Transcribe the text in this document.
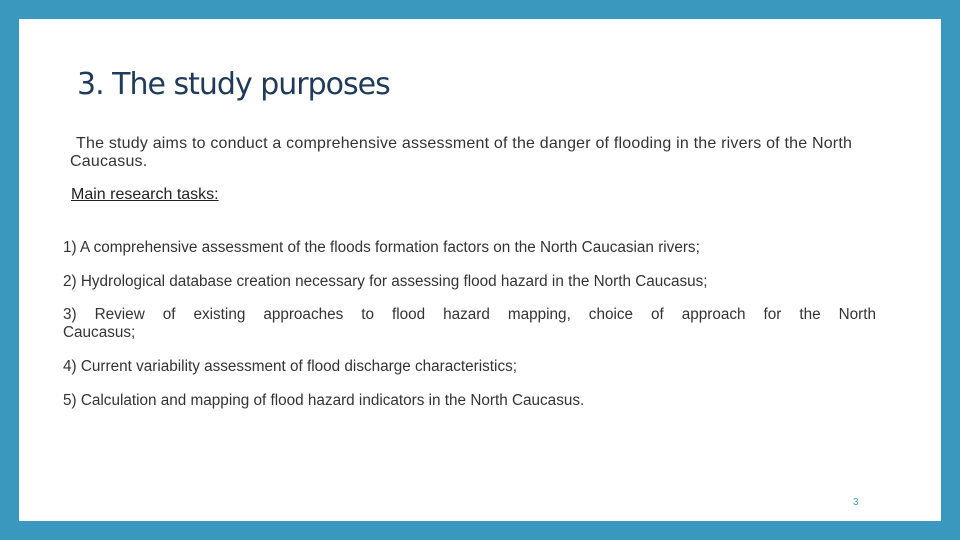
3. The study purposes

The study aims to conduct a comprehensive assessment of the danger of flooding in the rivers of the North Caucasus.

Main research tasks:

1) A comprehensive assessment of the floods formation factors on the North Caucasian rivers;

2) Hydrological database creation necessary for assessing flood hazard in the North Caucasus;

3) Review of existing approaches to flood hazard mapping, choice of approach for the North
Caucasus;

4) Current variability assessment of flood discharge characteristics;

5) Calculation and mapping of flood hazard indicators in the North Caucasus.

3
